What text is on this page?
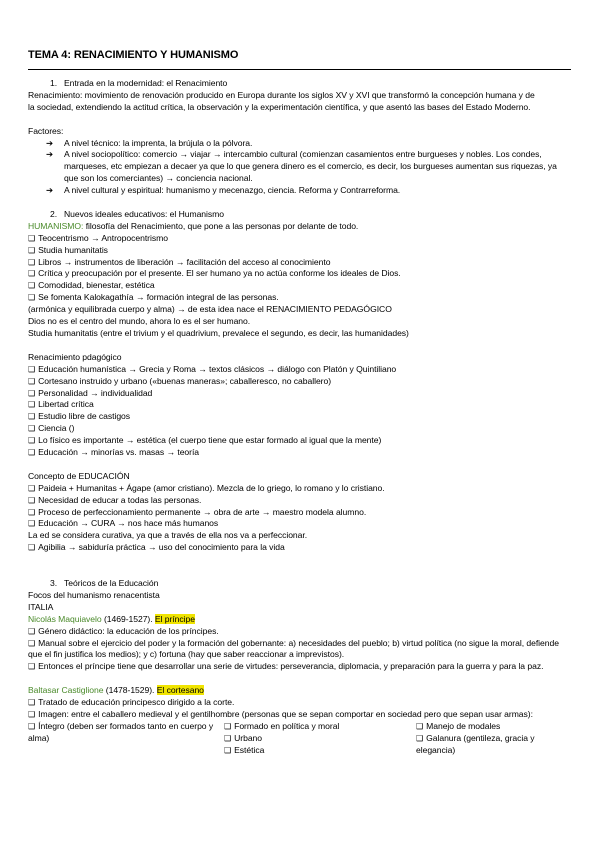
TEMA 4: RENACIMIENTO Y HUMANISMO
1. Entrada en la modernidad: el Renacimiento
Renacimiento: movimiento de renovación producido en Europa durante los siglos XV y XVI que transformó la concepción humana y de
la sociedad, extendiendo la actitud crítica, la observación y la experimentación científica, y que asentó las bases del Estado Moderno.
Factores:
➔ A nivel técnico: la imprenta, la brújula o la pólvora.
➔ A nivel sociopolítico: comercio → viajar → intercambio cultural (comienzan casamientos entre burgueses y nobles. Los condes, marqueses, etc empiezan a decaer ya que lo que genera dinero es el comercio, es decir, los burgueses aumentan sus riquezas, ya que son los comerciantes) → conciencia nacional.
➔ A nivel cultural y espiritual: humanismo y mecenazgo, ciencia. Reforma y Contrarreforma.
2. Nuevos ideales educativos: el Humanismo
HUMANISMO: filosofía del Renacimiento, que pone a las personas por delante de todo.
❑ Teocentrismo → Antropocentrismo
❑ Studia humanitatis
❑ Libros → instrumentos de liberación → facilitación del acceso al conocimiento
❑ Crítica y preocupación por el presente. El ser humano ya no actúa conforme los ideales de Dios.
❑ Comodidad, bienestar, estética
❑ Se fomenta Kalokagathía → formación integral de las personas.
(armónica y equilibrada cuerpo y alma) → de esta idea nace el RENACIMIENTO PEDAGÓGICO
Dios no es el centro del mundo, ahora lo es el ser humano.
Studia humanitatis (entre el trivium y el quadrivium, prevalece el segundo, es decir, las humanidades)
Renacimiento pdagógico
❑ Educación humanística → Grecia y Roma → textos clásicos → diálogo con Platón y Quintiliano
❑ Cortesano instruido y urbano («buenas maneras»; caballeresco, no caballero)
❑ Personalidad → individualidad
❑ Libertad crítica
❑ Estudio libre de castigos
❑ Ciencia ()
❑ Lo físico es importante → estética (el cuerpo tiene que estar formado al igual que la mente)
❑ Educación → minorías vs. masas → teoría
Concepto de EDUCACIÓN
❑ Paideia + Humanitas + Ágape (amor cristiano). Mezcla de lo griego, lo romano y lo cristiano.
❑ Necesidad de educar a todas las personas.
❑ Proceso de perfeccionamiento permanente → obra de arte → maestro modela alumno.
❑ Educación → CURA → nos hace más humanos
La ed se considera curativa, ya que a través de ella nos va a perfeccionar.
❑ Agibilia → sabiduría práctica → uso del conocimiento para la vida
3. Teóricos de la Educación
Focos del humanismo renacentista
ITALIA
Nicolás Maquiavelo (1469-1527). El príncipe
❑ Género didáctico: la educación de los príncipes.
❑ Manual sobre el ejercicio del poder y la formación del gobernante: a) necesidades del pueblo; b) virtud política (no sigue la moral, defiende que el fin justifica los medios); y c) fortuna (hay que saber reaccionar a imprevistos).
❑ Entonces el príncipe tiene que desarrollar una serie de virtudes: perseverancia, diplomacia, y preparación para la guerra y para la paz.
Baltasar Castiglione (1478-1529). El cortesano
❑ Tratado de educación principesco dirigido a la corte.
❑ Imagen: entre el caballero medieval y el gentilhombre (personas que se sepan comportar en sociedad pero que sepan usar armas):
❑ Íntegro (deben ser formados tanto en cuerpo y alma)
❑ Formado en política y moral
❑ Urbano
❑ Estética
❑ Manejo de modales
❑ Galanura (gentileza, gracia y elegancia)
